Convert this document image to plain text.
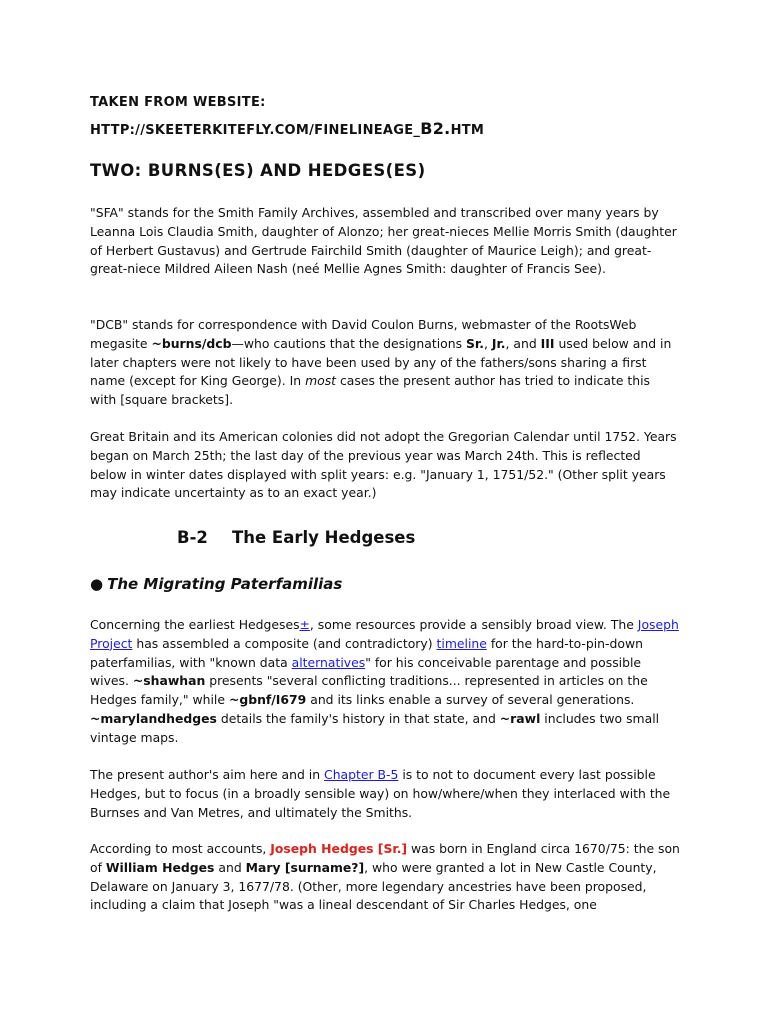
TAKEN FROM WEBSITE:
HTTP://SKEETERKITEFLY.COM/FINELINEAGE_B2.HTM
TWO: BURNS(ES) AND HEDGES(ES)

"SFA" stands for the Smith Family Archives, assembled and transcribed over many years by Leanna Lois Claudia Smith, daughter of Alonzo; her great-nieces Mellie Morris Smith (daughter of Herbert Gustavus) and Gertrude Fairchild Smith (daughter of Maurice Leigh); and great-great-niece Mildred Aileen Nash (neé Mellie Agnes Smith: daughter of Francis See).

"DCB" stands for correspondence with David Coulon Burns, webmaster of the RootsWeb megasite ~burns/dcb—who cautions that the designations Sr., Jr., and III used below and in later chapters were not likely to have been used by any of the fathers/sons sharing a first name (except for King George). In most cases the present author has tried to indicate this with [square brackets].

Great Britain and its American colonies did not adopt the Gregorian Calendar until 1752. Years began on March 25th; the last day of the previous year was March 24th. This is reflected below in winter dates displayed with split years: e.g. "January 1, 1751/52." (Other split years may indicate uncertainty as to an exact year.)

B-2 The Early Hedgeses
● The Migrating Paterfamilias

Concerning the earliest Hedgeses±, some resources provide a sensibly broad view. The Joseph Project has assembled a composite (and contradictory) timeline for the hard-to-pin-down paterfamilias, with "known data alternatives" for his conceivable parentage and possible wives. ~shawhan presents "several conflicting traditions... represented in articles on the Hedges family," while ~gbnf/I679 and its links enable a survey of several generations. ~marylandhedges details the family's history in that state, and ~rawl includes two small vintage maps.

The present author's aim here and in Chapter B-5 is to not to document every last possible Hedges, but to focus (in a broadly sensible way) on how/where/when they interlaced with the Burnses and Van Metres, and ultimately the Smiths.

According to most accounts, Joseph Hedges [Sr.] was born in England circa 1670/75: the son of William Hedges and Mary [surname?], who were granted a lot in New Castle County, Delaware on January 3, 1677/78. (Other, more legendary ancestries have been proposed, including a claim that Joseph "was a lineal descendant of Sir Charles Hedges, one
